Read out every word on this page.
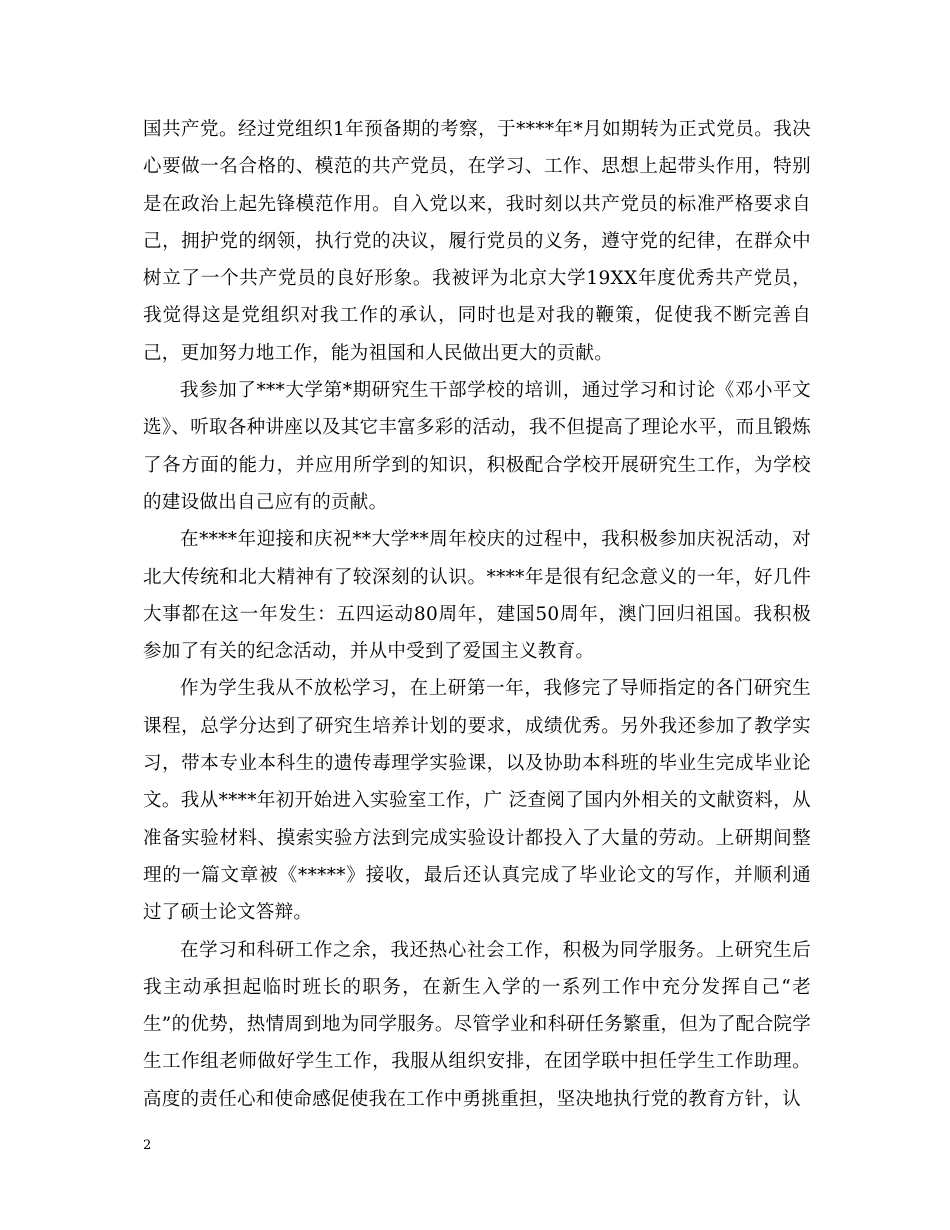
国共产党。经过党组织1年预备期的考察，于****年*月如期转为正式党员。我决心要做一名合格的、模范的共产党员，在学习、工作、思想上起带头作用，特别是在政治上起先锋模范作用。自入党以来，我时刻以共产党员的标准严格要求自己，拥护党的纲领，执行党的决议，履行党员的义务，遵守党的纪律，在群众中树立了一个共产党员的良好形象。我被评为北京大学19XX年度优秀共产党员，我觉得这是党组织对我工作的承认，同时也是对我的鞭策，促使我不断完善自己，更加努力地工作，能为祖国和人民做出更大的贡献。

我参加了***大学第*期研究生干部学校的培训，通过学习和讨论《邓小平文选》、听取各种讲座以及其它丰富多彩的活动，我不但提高了理论水平，而且锻炼了各方面的能力，并应用所学到的知识，积极配合学校开展研究生工作，为学校的建设做出自己应有的贡献。

在****年迎接和庆祝**大学**周年校庆的过程中，我积极参加庆祝活动，对北大传统和北大精神有了较深刻的认识。****年是很有纪念意义的一年，好几件大事都在这一年发生：五四运动80周年，建国50周年，澳门回归祖国。我积极参加了有关的纪念活动，并从中受到了爱国主义教育。

作为学生我从不放松学习，在上研第一年，我修完了导师指定的各门研究生课程，总学分达到了研究生培养计划的要求，成绩优秀。另外我还参加了教学实习，带本专业本科生的遗传毒理学实验课，以及协助本科班的毕业生完成毕业论文。我从****年初开始进入实验室工作，广 泛查阅了国内外相关的文献资料，从准备实验材料、摸索实验方法到完成实验设计都投入了大量的劳动。上研期间整理的一篇文章被《*****》接收，最后还认真完成了毕业论文的写作，并顺利通过了硕士论文答辩。

在学习和科研工作之余，我还热心社会工作，积极为同学服务。上研究生后我主动承担起临时班长的职务，在新生入学的一系列工作中充分发挥自己“老生”的优势，热情周到地为同学服务。尽管学业和科研任务繁重，但为了配合院学生工作组老师做好学生工作，我服从组织安排，在团学联中担任学生工作助理。高度的责任心和使命感促使我在工作中勇挑重担，坚决地执行党的教育方针，认

2
